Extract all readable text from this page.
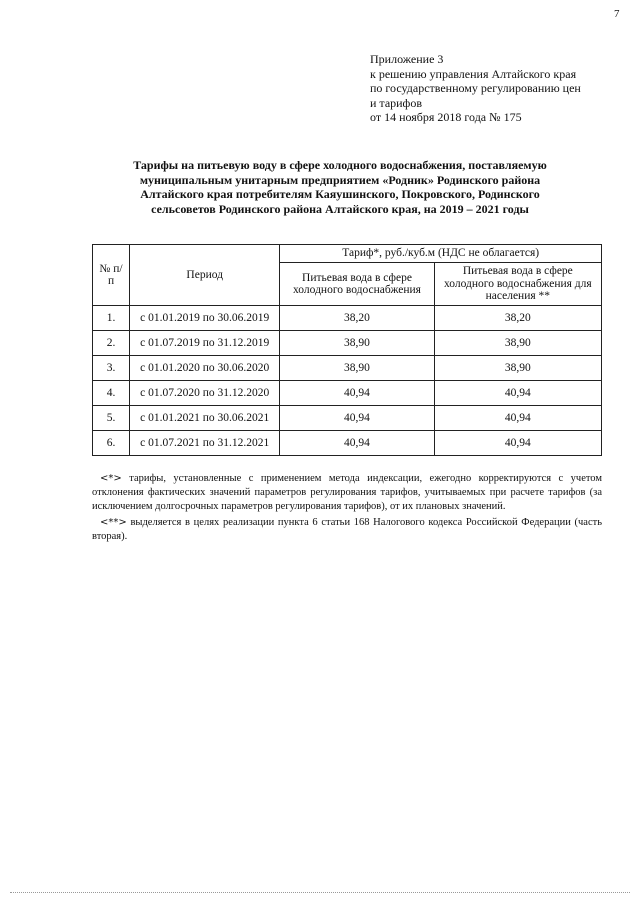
7
Приложение 3
к решению управления Алтайского края
по государственному регулированию цен
и тарифов
от 14 ноября 2018 года № 175
Тарифы на питьевую воду в сфере холодного водоснабжения, поставляемую
муниципальным унитарным предприятием «Родник» Родинского района
Алтайского края потребителям Каяушинского, Покровского, Родинского
сельсоветов Родинского района Алтайского края, на 2019 – 2021 годы
№ п/п	Период	Тариф*, руб./куб.м (НДС не облагается)	
		Питьевая вода в сфере холодного водоснабжения	Питьевая вода в сфере холодного водоснабжения для населения **
1.	с 01.01.2019 по 30.06.2019	38,20	38,20
2.	с 01.07.2019 по 31.12.2019	38,90	38,90
3.	с 01.01.2020 по 30.06.2020	38,90	38,90
4.	с 01.07.2020 по 31.12.2020	40,94	40,94
5.	с 01.01.2021 по 30.06.2021	40,94	40,94
6.	с 01.07.2021 по 31.12.2021	40,94	40,94

<*> тарифы, установленные с применением метода индексации, ежегодно корректируются с учетом отклонения фактических значений параметров регулирования тарифов, учитываемых при расчете тарифов (за исключением долгосрочных параметров регулирования тарифов), от их плановых значений.

<**> выделяется в целях реализации пункта 6 статьи 168 Налогового кодекса Российской Федерации (часть вторая).
